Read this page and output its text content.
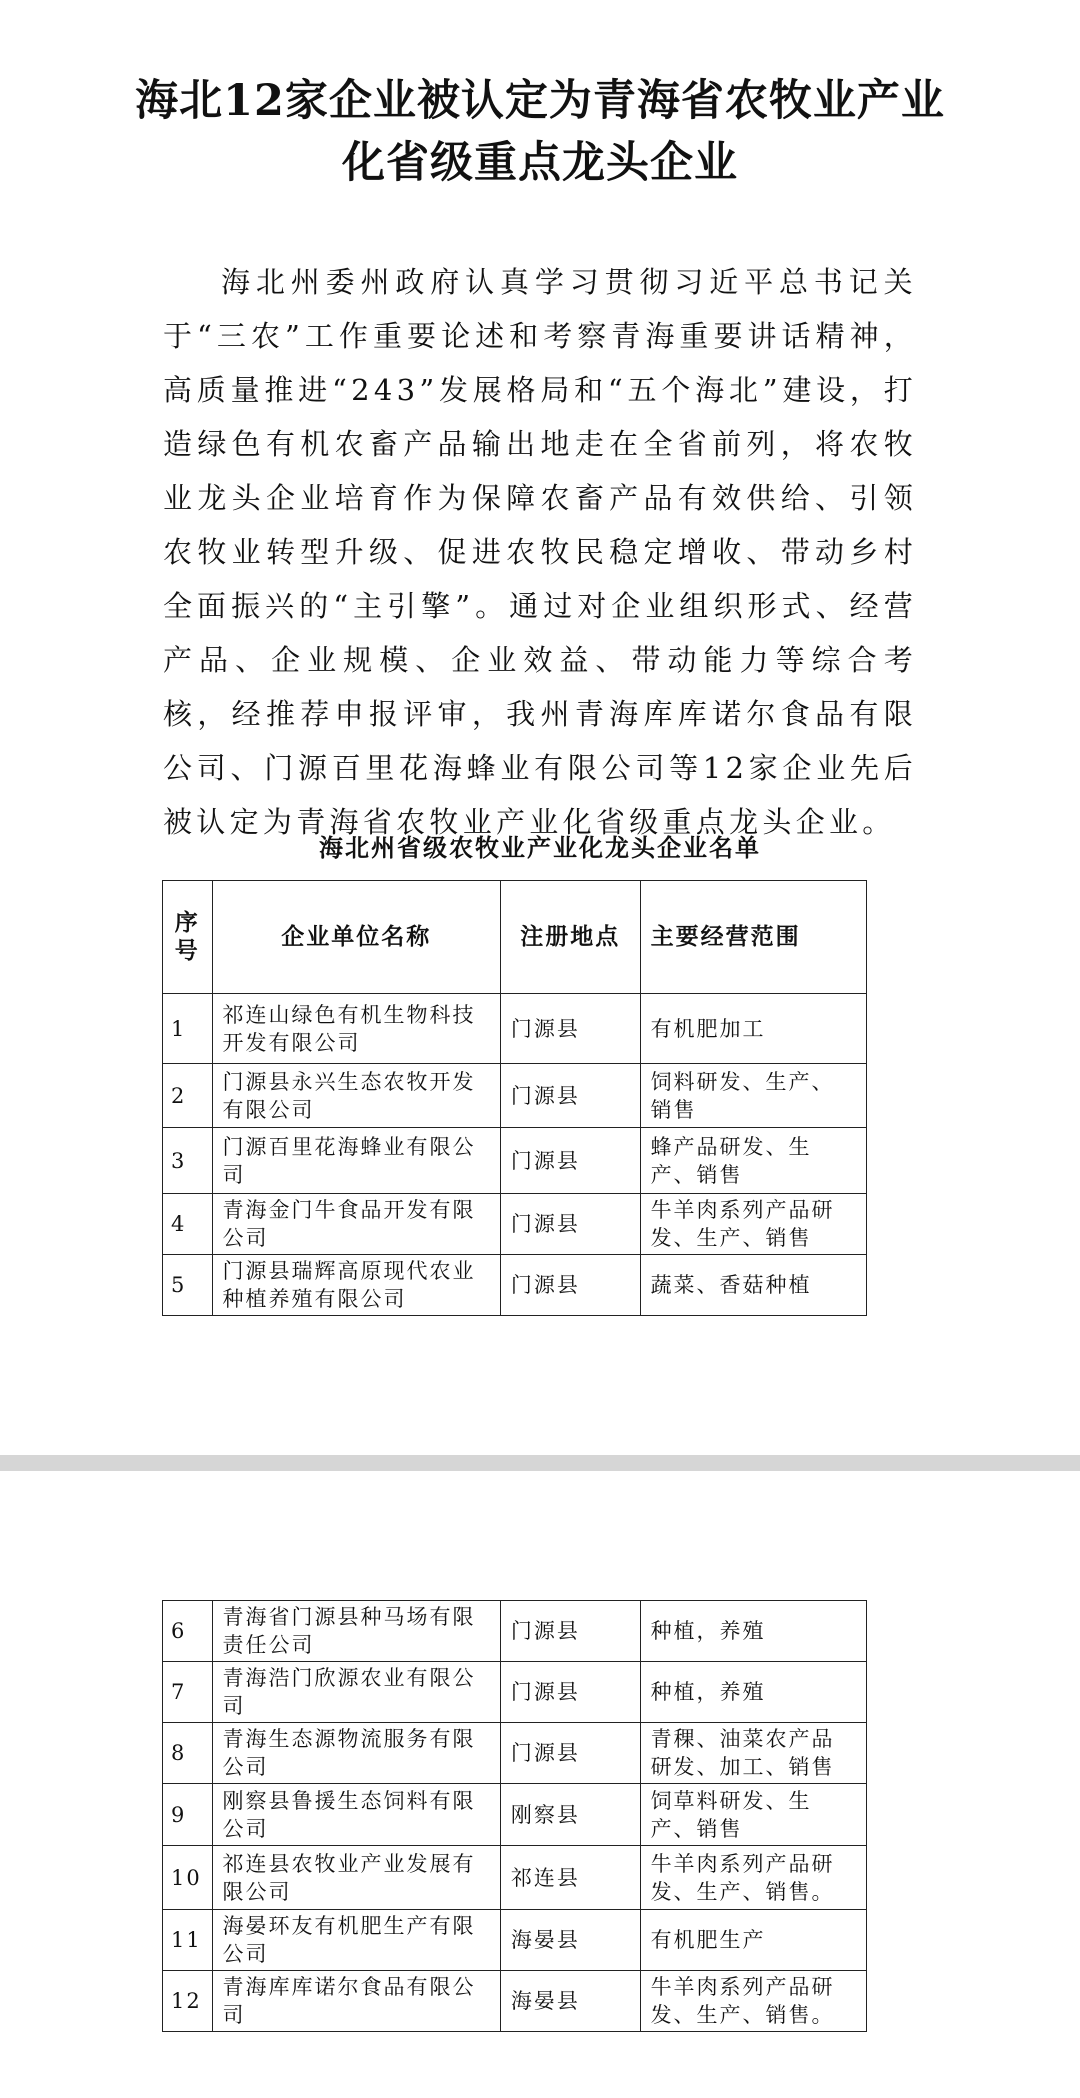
海北12家企业被认定为青海省农牧业产业
化省级重点龙头企业

海北州委州政府认真学习贯彻习近平总书记关于“三农”工作重要论述和考察青海重要讲话精神，高质量推进“243”发展格局和“五个海北”建设，打造绿色有机农畜产品输出地走在全省前列，将农牧业龙头企业培育作为保障农畜产品有效供给、引领农牧业转型升级、促进农牧民稳定增收、带动乡村全面振兴的“主引擎”。通过对企业组织形式、经营产品、企业规模、企业效益、带动能力等综合考核，经推荐申报评审，我州青海库库诺尔食品有限公司、门源百里花海蜂业有限公司等12家企业先后被认定为青海省农牧业产业化省级重点龙头企业。

海北州省级农牧业产业化龙头企业名单
序
号	企业单位名称	注册地点	主要经营范围
1	祁连山绿色有机生物科技开发有限公司	门源县	有机肥加工
2	门源县永兴生态农牧开发有限公司	门源县	饲料研发、生产、销售
3	门源百里花海蜂业有限公司	门源县	蜂产品研发、生产、销售
4	青海金门牛食品开发有限公司	门源县	牛羊肉系列产品研发、生产、销售
5	门源县瑞辉高原现代农业种植养殖有限公司	门源县	蔬菜、香菇种植
6	青海省门源县种马场有限责任公司	门源县	种植，养殖
7	青海浩门欣源农业有限公司	门源县	种植，养殖
8	青海生态源物流服务有限公司	门源县	青稞、油菜农产品研发、加工、销售
9	刚察县鲁援生态饲料有限公司	刚察县	饲草料研发、生产、销售
10	祁连县农牧业产业发展有限公司	祁连县	牛羊肉系列产品研发、生产、销售。
11	海晏环友有机肥生产有限公司	海晏县	有机肥生产
12	青海库库诺尔食品有限公司	海晏县	牛羊肉系列产品研发、生产、销售。
